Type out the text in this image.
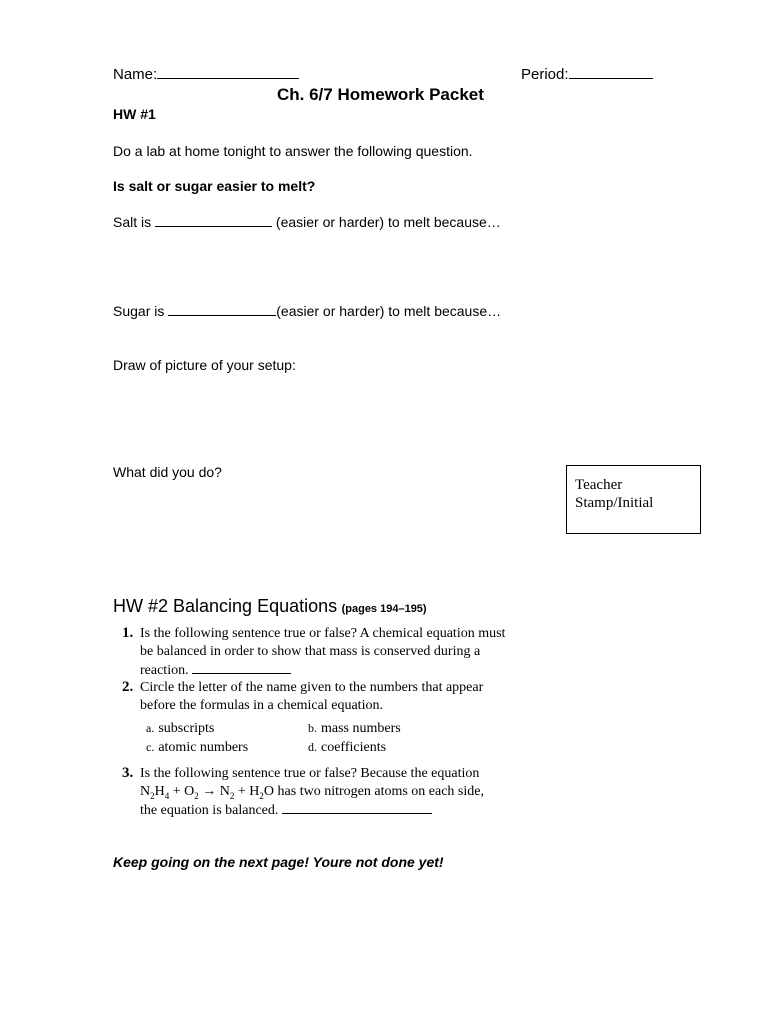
Name:	Period:
Ch. 6/7 Homework Packet
HW #1
Do a lab at home tonight to answer the following question.
Is salt or sugar easier to melt?
Salt is	(easier or harder) to melt because…
Sugar is	(easier or harder) to melt because…
Draw of picture of your setup:
What did you do?
Teacher
Stamp/Initial
HW #2 Balancing Equations (pages 194–195)
1. Is the following sentence true or false? A chemical equation must
be balanced in order to show that mass is conserved during a
reaction.
2. Circle the letter of the name given to the numbers that appear
before the formulas in a chemical equation.
a. subscripts	b. mass numbers
c. atomic numbers	d. coefficients
3. Is the following sentence true or false? Because the equation
$N_2H_4 + O_2 \to N_2 + H_2O$ has two nitrogen atoms on each side,
the equation is balanced.
Keep going on the next page! Youre not done yet!
